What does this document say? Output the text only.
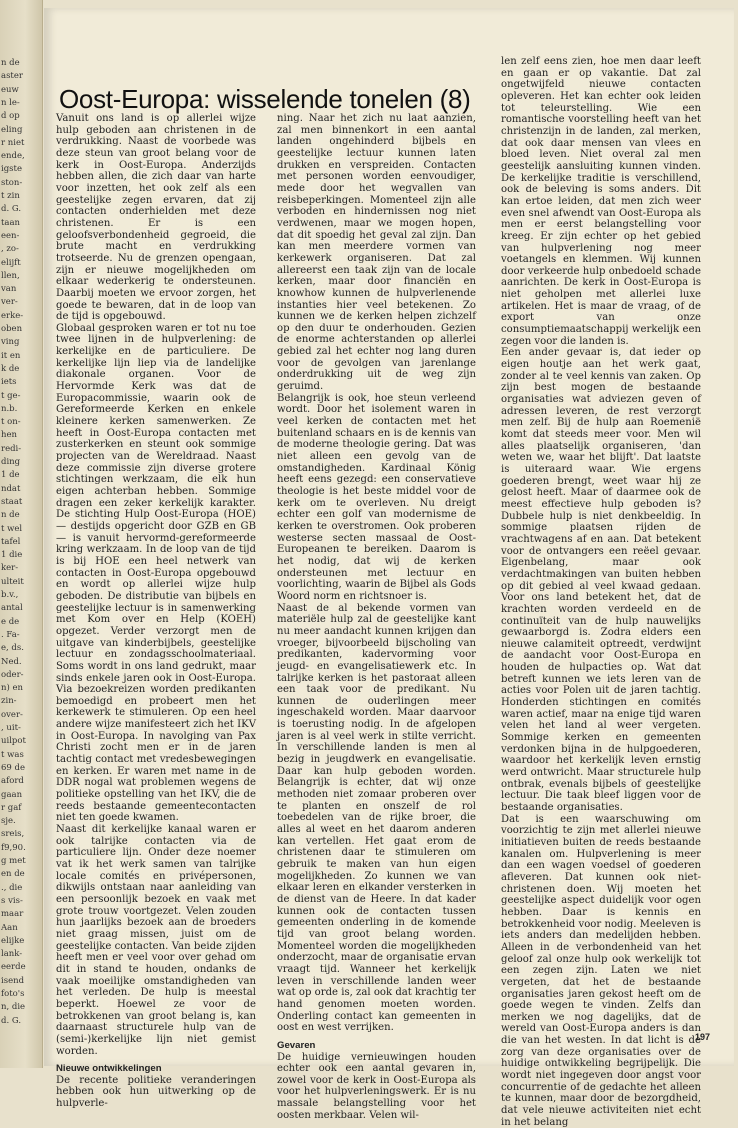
n de
aster
euw
n le-
d op
eling
r niet
ende,
igste
ston-
t zin
d. G.
taan
een-
, zo-
elijft
llen,
van
ver-
erke-
oben
ving
it en
k de
iets
t ge-
n.b.
t on-
hen
redi-
ding
1 de
ndat
staat
n de
t wel
tafel
1 die
ker-
ulteit
b.v.,
antal
e de
. Fa-
e, ds.
Ned.
oder-
n) en
zin-
over-
, uit-
uilpot
t was
69 de
aford
gaan
r gaf
sje.
sreis,
f9,90.
g met
en de
., die
s vis-
maar
Aan
elijke
lank-
eerde
isend
foto's
n, die
d. G.
Oost-Europa: wisselende tonelen (8)

Vanuit ons land is op allerlei wijze hulp geboden aan christenen in de verdrukking. Naast de voorbede was deze steun van groot belang voor de kerk in Oost-Europa. Anderzijds hebben allen, die zich daar van harte voor inzetten, het ook zelf als een geestelijke zegen ervaren, dat zij contacten onderhielden met deze christenen. Er is een geloofsverbondenheid gegroeid, die brute macht en verdrukking trotseerde. Nu de grenzen opengaan, zijn er nieuwe mogelijkheden om elkaar wederkerig te ondersteunen. Daarbij moeten we ervoor zorgen, het goede te bewaren, dat in de loop van de tijd is opgebouwd.

Globaal gesproken waren er tot nu toe twee lijnen in de hulpverlening: de kerkelijke en de particuliere. De kerkelijke lijn liep via de landelijke diakonale organen. Voor de Hervormde Kerk was dat de Europacommissie, waarin ook de Gereformeerde Kerken en enkele kleinere kerken samenwerken. Ze heeft in Oost-Europa contacten met zusterkerken en steunt ook sommige projecten van de Wereldraad. Naast deze commissie zijn diverse grotere stichtingen werkzaam, die elk hun eigen achterban hebben. Sommige dragen een zeker kerkelijk karakter. De stichting Hulp Oost-Europa (HOE) — destijds opgericht door GZB en GB — is vanuit hervormd-gereformeerde kring werkzaam. In de loop van de tijd is bij HOE een heel netwerk van contacten in Oost-Europa opgebouwd en wordt op allerlei wijze hulp geboden. De distributie van bijbels en geestelijke lectuur is in samenwerking met Kom over en Help (KOEH) opgezet. Verder verzorgt men de uitgave van kinderbijbels, geestelijke lectuur en zondagsschoolmateriaal. Soms wordt in ons land gedrukt, maar sinds enkele jaren ook in Oost-Europa. Via bezoekreizen worden predikanten bemoedigd en probeert men het kerkewerk te stimuleren. Op een heel andere wijze manifesteert zich het IKV in Oost-Europa. In navolging van Pax Christi zocht men er in de jaren tachtig contact met vredesbewegingen en kerken. Er waren met name in de DDR nogal wat problemen wegens de politieke opstelling van het IKV, die de reeds bestaande gemeentecontacten niet ten goede kwamen.

Naast dit kerkelijke kanaal waren er ook talrijke contacten via de particuliere lijn. Onder deze noemer vat ik het werk samen van talrijke locale comités en privépersonen, dikwijls ontstaan naar aanleiding van een persoonlijk bezoek en vaak met grote trouw voortgezet. Velen zouden hun jaarlijks bezoek aan de broeders niet graag missen, juist om de geestelijke contacten. Van beide zijden heeft men er veel voor over gehad om dit in stand te houden, ondanks de vaak moeilijke omstandigheden van het verleden. De hulp is meestal beperkt. Hoewel ze voor de betrokkenen van groot belang is, kan daarnaast structurele hulp van de (semi-)kerkelijke lijn niet gemist worden.

Nieuwe ontwikkelingen

De recente politieke veranderingen hebben ook hun uitwerking op de hulpverle-

ning. Naar het zich nu laat aanzien, zal men binnenkort in een aantal landen ongehinderd bijbels en geestelijke lectuur kunnen laten drukken en verspreiden. Contacten met personen worden eenvoudiger, mede door het wegvallen van reisbeperkingen. Momenteel zijn alle verboden en hindernissen nog niet verdwenen, maar we mogen hopen, dat dit spoedig het geval zal zijn. Dan kan men meerdere vormen van kerkewerk organiseren. Dat zal allereerst een taak zijn van de locale kerken, maar door financiën en knowhow kunnen de hulpverlenende instanties hier veel betekenen. Zo kunnen we de kerken helpen zichzelf op den duur te onderhouden. Gezien de enorme achterstanden op allerlei gebied zal het echter nog lang duren voor de gevolgen van jarenlange onderdrukking uit de weg zijn geruimd.

Belangrijk is ook, hoe steun verleend wordt. Door het isolement waren in veel kerken de contacten met het buitenland schaars en is de kennis van de moderne theologie gering. Dat was niet alleen een gevolg van de omstandigheden. Kardinaal König heeft eens gezegd: een conservatieve theologie is het beste middel voor de kerk om te overleven. Nu dreigt echter een golf van modernisme de kerken te overstromen. Ook proberen westerse secten massaal de Oost-Europeanen te bereiken. Daarom is het nodig, dat wij de kerken ondersteunen met lectuur en voorlichting, waarin de Bijbel als Gods Woord norm en richtsnoer is.

Naast de al bekende vormen van materiële hulp zal de geestelijke kant nu meer aandacht kunnen krijgen dan vroeger, bijvoorbeeld bijscholing van predikanten, kadervorming voor jeugd- en evangelisatiewerk etc. In talrijke kerken is het pastoraat alleen een taak voor de predikant. Nu kunnen de ouderlingen meer ingeschakeld worden. Maar daarvoor is toerusting nodig. In de afgelopen jaren is al veel werk in stilte verricht. In verschillende landen is men al bezig in jeugdwerk en evangelisatie. Daar kan hulp geboden worden. Belangrijk is echter, dat wij onze methoden niet zomaar proberen over te planten en onszelf de rol toebedelen van de rijke broer, die alles al weet en het daarom anderen kan vertellen. Het gaat erom de christenen daar te stimuleren om gebruik te maken van hun eigen mogelijkheden. Zo kunnen we van elkaar leren en elkander versterken in de dienst van de Heere. In dat kader kunnen ook de contacten tussen gemeenten onderling in de komende tijd van groot belang worden. Momenteel worden die mogelijkheden onderzocht, maar de organisatie ervan vraagt tijd. Wanneer het kerkelijk leven in verschillende landen weer wat op orde is, zal ook dat krachtig ter hand genomen moeten worden. Onderling contact kan gemeenten in oost en west verrijken.

Gevaren

De huidige vernieuwingen houden echter ook een aantal gevaren in, zowel voor de kerk in Oost-Europa als voor het hulpverleningswerk. Er is nu massale belangstelling voor het oosten merkbaar. Velen wil-

len zelf eens zien, hoe men daar leeft en gaan er op vakantie. Dat zal ongetwijfeld nieuwe contacten opleveren. Het kan echter ook leiden tot teleurstelling. Wie een romantische voorstelling heeft van het christenzijn in de landen, zal merken, dat ook daar mensen van vlees en bloed leven. Niet overal zal men geestelijk aansluiting kunnen vinden. De kerkelijke traditie is verschillend, ook de beleving is soms anders. Dit kan ertoe leiden, dat men zich weer even snel afwendt van Oost-Europa als men er eerst belangstelling voor kreeg. Er zijn echter op het gebied van hulpverlening nog meer voetangels en klemmen. Wij kunnen door verkeerde hulp onbedoeld schade aanrichten. De kerk in Oost-Europa is niet geholpen met allerlei luxe artikelen. Het is maar de vraag, of de export van onze consumptiemaatschappij werkelijk een zegen voor die landen is.

Een ander gevaar is, dat ieder op eigen houtje aan het werk gaat, zonder al te veel kennis van zaken. Op zijn best mogen de bestaande organisaties wat adviezen geven of adressen leveren, de rest verzorgt men zelf. Bij de hulp aan Roemenië komt dat steeds meer voor. Men wil alles plaatselijk organiseren, 'dan weten we, waar het blijft'. Dat laatste is uiteraard waar. Wie ergens goederen brengt, weet waar hij ze gelost heeft. Maar of daarmee ook de meest effectieve hulp geboden is? Dubbele hulp is niet denkbeeldig. In sommige plaatsen rijden de vrachtwagens af en aan. Dat betekent voor de ontvangers een reëel gevaar. Eigenbelang, maar ook verdachtmakingen van buiten hebben op dit gebied al veel kwaad gedaan. Voor ons land betekent het, dat de krachten worden verdeeld en de continuïteit van de hulp nauwelijks gewaarborgd is. Zodra elders een nieuwe calamiteit optreedt, verdwijnt de aandacht voor Oost-Europa en houden de hulpacties op. Wat dat betreft kunnen we iets leren van de acties voor Polen uit de jaren tachtig. Honderden stichtingen en comités waren actief, maar na enige tijd waren velen het land al weer vergeten. Sommige kerken en gemeenten verdonken bijna in de hulpgoederen, waardoor het kerkelijk leven ernstig werd ontwricht. Maar structurele hulp ontbrak, evenals bijbels of geestelijke lectuur. Die taak bleef liggen voor de bestaande organisaties.

Dat is een waarschuwing om voorzichtig te zijn met allerlei nieuwe initiatieven buiten de reeds bestaande kanalen om. Hulpverlening is meer dan een wagen voedsel of goederen afleveren. Dat kunnen ook niet-christenen doen. Wij moeten het geestelijke aspect duidelijk voor ogen hebben. Daar is kennis en betrokkenheid voor nodig. Meeleven is iets anders dan medelijden hebben. Alleen in de verbondenheid van het geloof zal onze hulp ook werkelijk tot een zegen zijn. Laten we niet vergeten, dat het de bestaande organisaties jaren gekost heeft om de goede wegen te vinden. Zelfs dan merken we nog dagelijks, dat de wereld van Oost-Europa anders is dan die van het westen. In dat licht is de zorg van deze organisaties over de huidige ontwikkeling begrijpelijk. Die wordt niet ingegeven door angst voor concurrentie of de gedachte het alleen te kunnen, maar door de bezorgdheid, dat vele nieuwe activiteiten niet echt in het belang

197
